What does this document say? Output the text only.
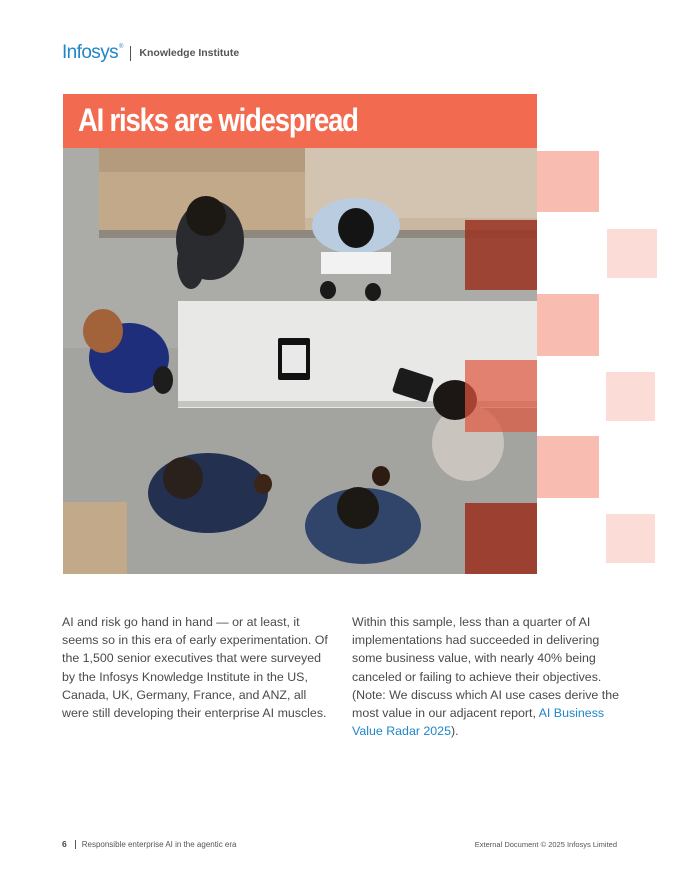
Infosys ® Knowledge Institute
AI risks are widespread
AI and risk go hand in hand — or at least, it seems so in this era of early experimentation. Of the 1,500 senior executives that were surveyed by the Infosys Knowledge Institute in the US, Canada, UK, Germany, France, and ANZ, all were still developing their enterprise AI muscles.
Within this sample, less than a quarter of AI implementations had succeeded in delivering some business value, with nearly 40% being canceled or failing to achieve their objectives. (Note: We discuss which AI use cases derive the most value in our adjacent report, AI Business Value Radar 2025).
6 Responsible enterprise AI in the agentic era	External Document © 2025 Infosys Limited
